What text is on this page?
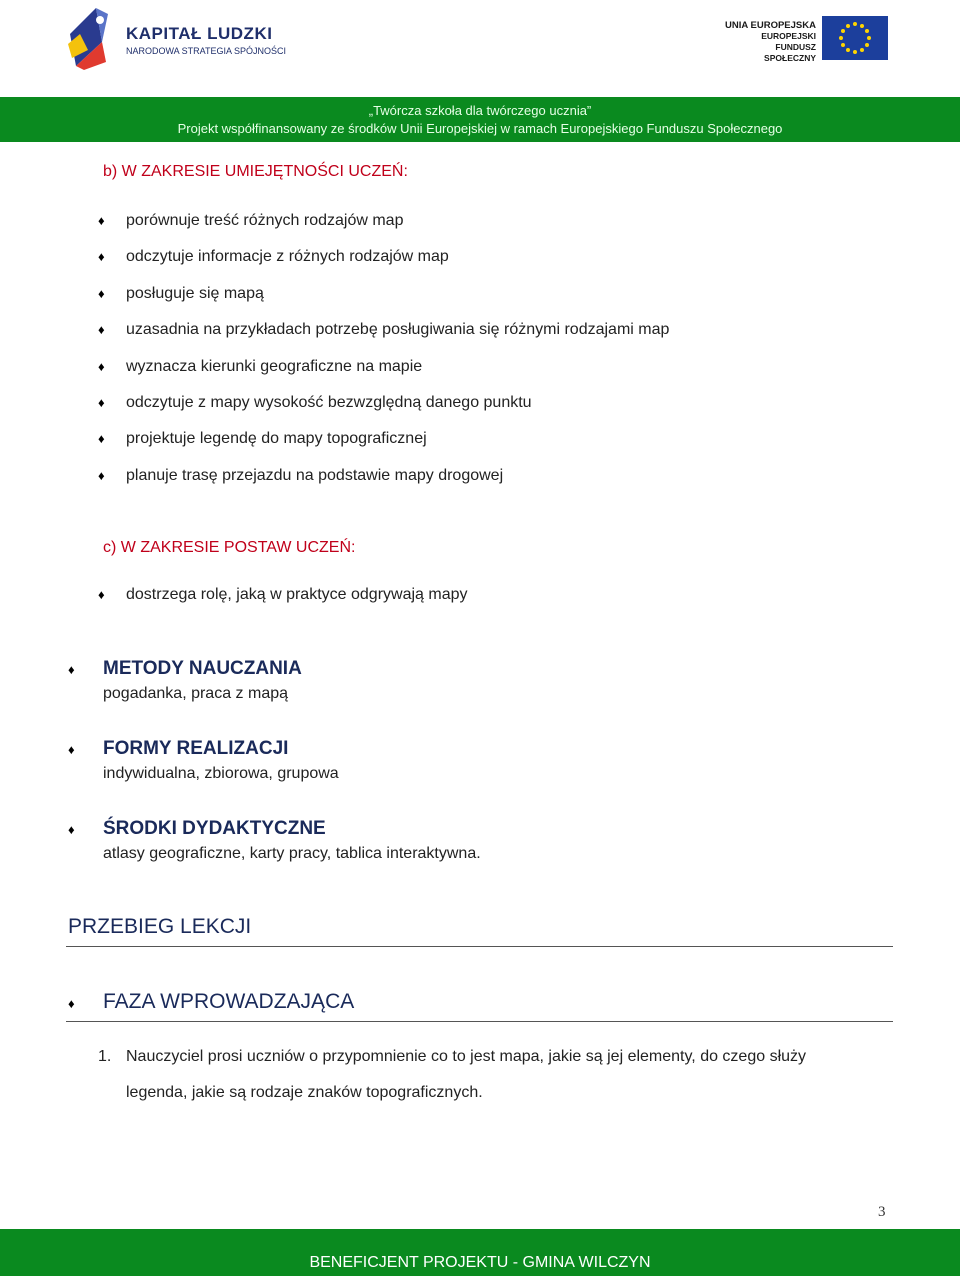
KAPITAŁ LUDZKI
NARODOWA STRATEGIA SPÓJNOŚCI
UNIA EUROPEJSKA
EUROPEJSKI
FUNDUSZ SPOŁECZNY
„Twórcza szkoła dla twórczego ucznia”
Projekt współfinansowany ze środków Unii Europejskiej w ramach Europejskiego Funduszu Społecznego
b) W ZAKRESIE UMIEJĘTNOŚCI UCZEŃ:
♦ porównuje treść różnych rodzajów map
♦ odczytuje informacje z różnych rodzajów map
♦ posługuje się mapą
♦ uzasadnia na przykładach potrzebę posługiwania się różnymi rodzajami map
♦ wyznacza kierunki geograficzne na mapie
♦ odczytuje z mapy wysokość bezwzględną danego punktu
♦ projektuje legendę do mapy topograficznej
♦ planuje trasę przejazdu na podstawie mapy drogowej
c) W ZAKRESIE POSTAW UCZEŃ:
♦ dostrzega rolę, jaką w praktyce odgrywają mapy
♦	METODY NAUCZANIA
pogadanka, praca z mapą
♦	FORMY REALIZACJI
indywidualna, zbiorowa, grupowa
♦	ŚRODKI DYDAKTYCZNE
atlasy geograficzne, karty pracy, tablica interaktywna.
PRZEBIEG LEKCJI
♦	FAZA WPROWADZAJĄCA
1. Nauczyciel prosi uczniów o przypomnienie co to jest mapa, jakie są jej elementy, do czego służy
legenda, jakie są rodzaje znaków topograficznych.
3
BENEFICJENT PROJEKTU - GMINA WILCZYN
